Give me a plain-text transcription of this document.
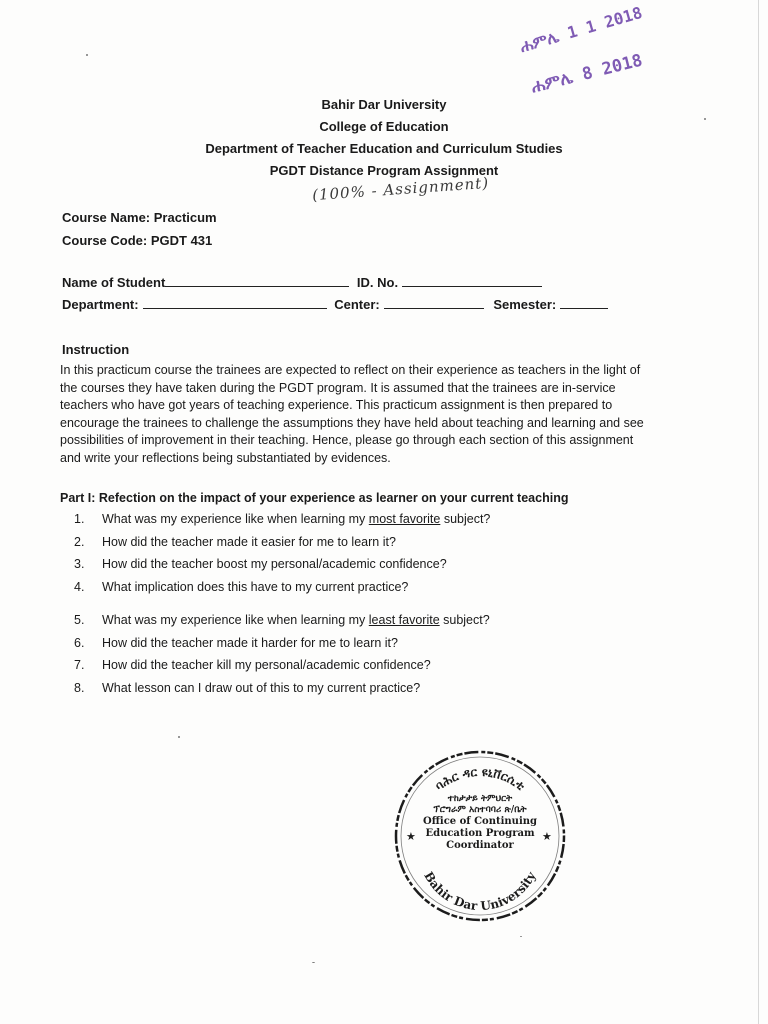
ሐምሌ 1 1 2018
ሐምሌ 8 2018
Bahir Dar University
College of Education
Department of Teacher Education and Curriculum Studies
PGDT Distance Program Assignment
(100% - Assignment)
Course Name: Practicum
Course Code: PGDT 431
Name of Student	ID. No.
Department:	Center:	Semester:
Instruction
In this practicum course the trainees are expected to reflect on their experience as teachers in the light of the courses they have taken during the PGDT program. It is assumed that the trainees are in-service teachers who have got years of teaching experience. This practicum assignment is then prepared to encourage the trainees to challenge the assumptions they have held about teaching and learning and see possibilities of improvement in their teaching. Hence, please go through each section of this assignment and write your reflections being substantiated by evidences.
Part I: Refection on the impact of your experience as learner on your current teaching
1. What was my experience like when learning my most favorite subject?
2. How did the teacher made it easier for me to learn it?
3. How did the teacher boost my personal/academic confidence?
4. What implication does this have to my current practice?
5. What was my experience like when learning my least favorite subject?
6. How did the teacher made it harder for me to learn it?
7. How did the teacher kill my personal/academic confidence?
8. What lesson can I draw out of this to my current practice?
ባሕር ዳር ዩኒቨርሲቲ
Bahir Dar University
★	★
ተከታታይ ትምህርት
ፕሮግራም አስተባባሪ ጽ/ቤት
Office of Continuing
Education Program
Coordinator
